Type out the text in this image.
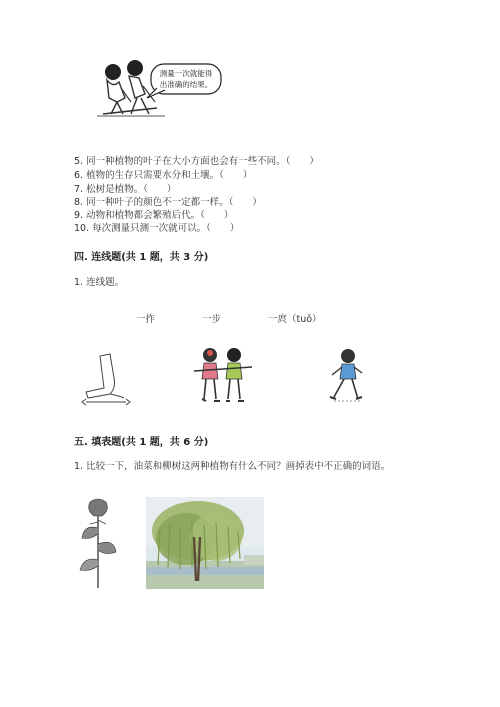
测量一次就能得
出准确的结果。
5. 同一种植物的叶子在大小方面也会有一些不同。（　　）
6. 植物的生存只需要水分和土壤。（　　）
7. 松树是植物。（　　）
8. 同一种叶子的颜色不一定都一样。（　　）
9. 动物和植物都会繁殖后代。（　　）
10. 每次测量只测一次就可以。（　　）
四. 连线题(共 1 题，共 3 分)
1. 连线题。
一拃	一步	一庹（tuǒ）
五. 填表题(共 1 题，共 6 分)
1. 比较一下，油菜和柳树这两种植物有什么不同？画掉表中不正确的词语。
